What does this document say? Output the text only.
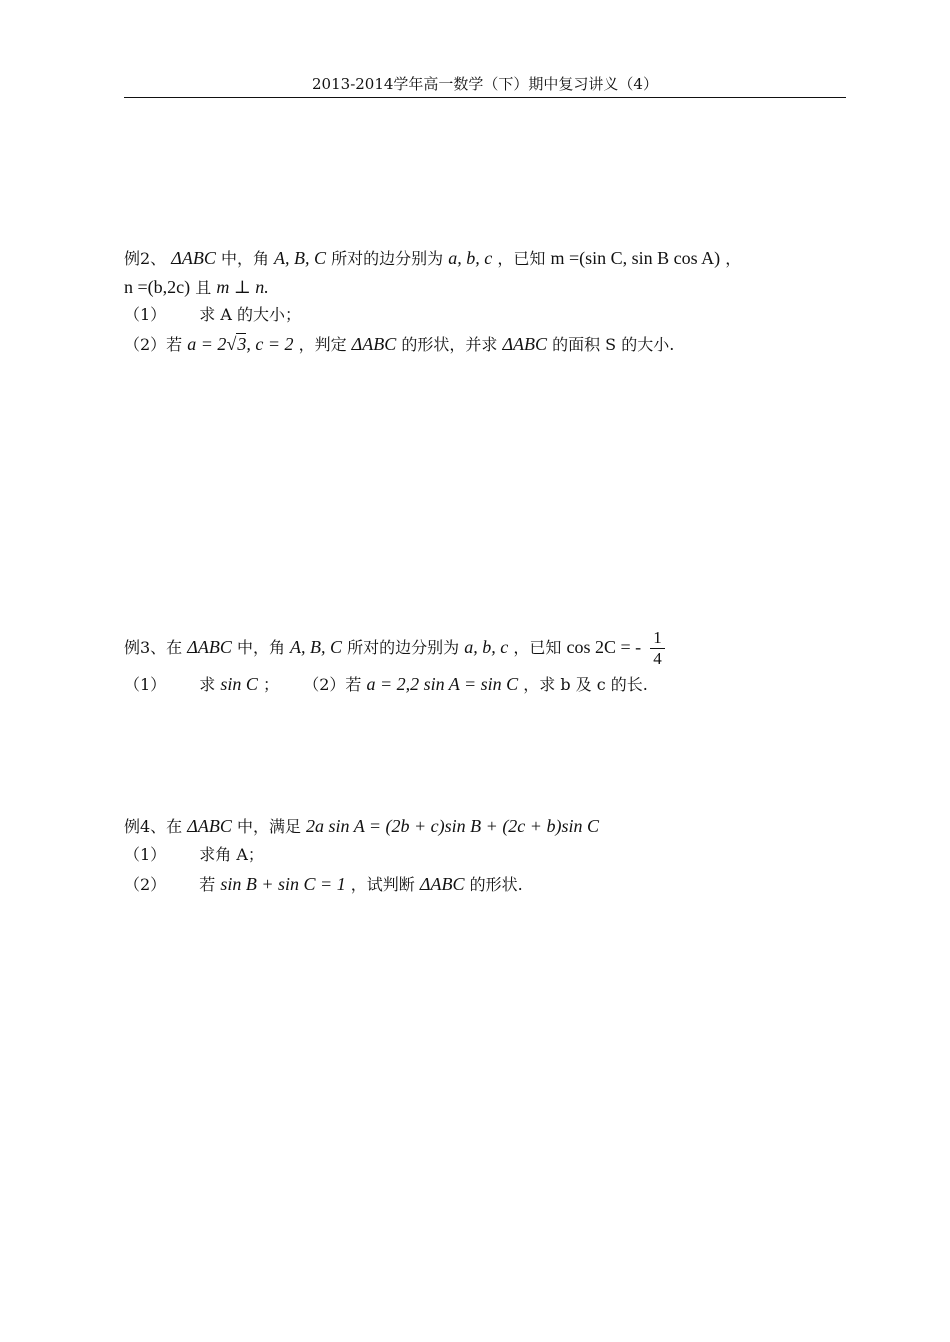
2013-2014学年高一数学（下）期中复习讲义（4）
例2、 ΔABC 中，角 A, B, C 所对的边分别为 a, b, c ，已知 m =(sin C, sin B cos A) ，
n =(b,2c) 且 m ⊥ n.
（1） 求 A 的大小；
（2）若 a = 2√3, c = 2 ，判定 ΔABC 的形状，并求 ΔABC 的面积 S 的大小.
例3、在 ΔABC 中，角 A, B, C 所对的边分别为 a, b, c ，已知 cos 2C = - $\frac{1}{4}$
（1） 求 sin C ； （2）若 a = 2,2 sin A = sin C ，求 b 及 c 的长.
例4、在 ΔABC 中，满足 2a sin A = (2b + c)sin B + (2c + b)sin C
（1） 求角 A；
（2） 若 sin B + sin C = 1 ，试判断 ΔABC 的形状.
